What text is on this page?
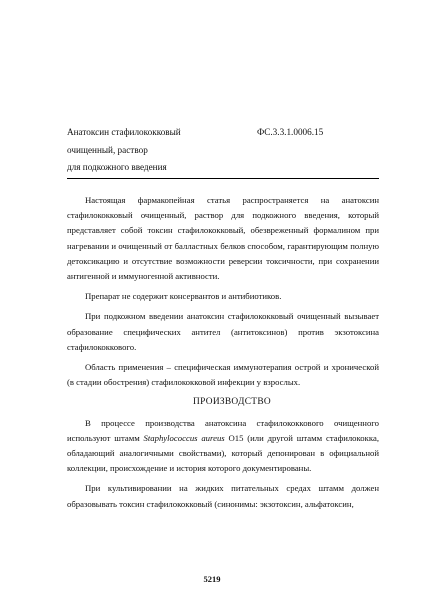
Анатоксин стафилококковый
очищенный, раствор
для подкожного введения
ФС.3.3.1.0006.15

Настоящая фармакопейная статья распространяется на анатоксин стафилококковый очищенный, раствор для подкожного введения, который представляет собой токсин стафилококковый, обезвреженный формалином при нагревании и очищенный от балластных белков способом, гарантирующим полную детоксикацию и отсутствие возможности реверсии токсичности, при сохранении антигенной и иммуногенной активности.

Препарат не содержит консервантов и антибиотиков.

При подкожном введении анатоксин стафилококковый очищенный вызывает образование специфических антител (антитоксинов) против экзотоксина стафилококкового.

Область применения – специфическая иммунотерапия острой и хронической (в стадии обострения) стафилококковой инфекции у взрослых.

ПРОИЗВОДСТВО

В процессе производства анатоксина стафилококкового очищенного используют штамм Staphylococcus aureus О15 (или другой штамм стафилококка, обладающий аналогичными свойствами), который депонирован в официальной коллекции, происхождение и история которого документированы.

При культивировании на жидких питательных средах штамм должен образовывать токсин стафилококковый (синонимы: экзотоксин, альфатоксин,

5219
